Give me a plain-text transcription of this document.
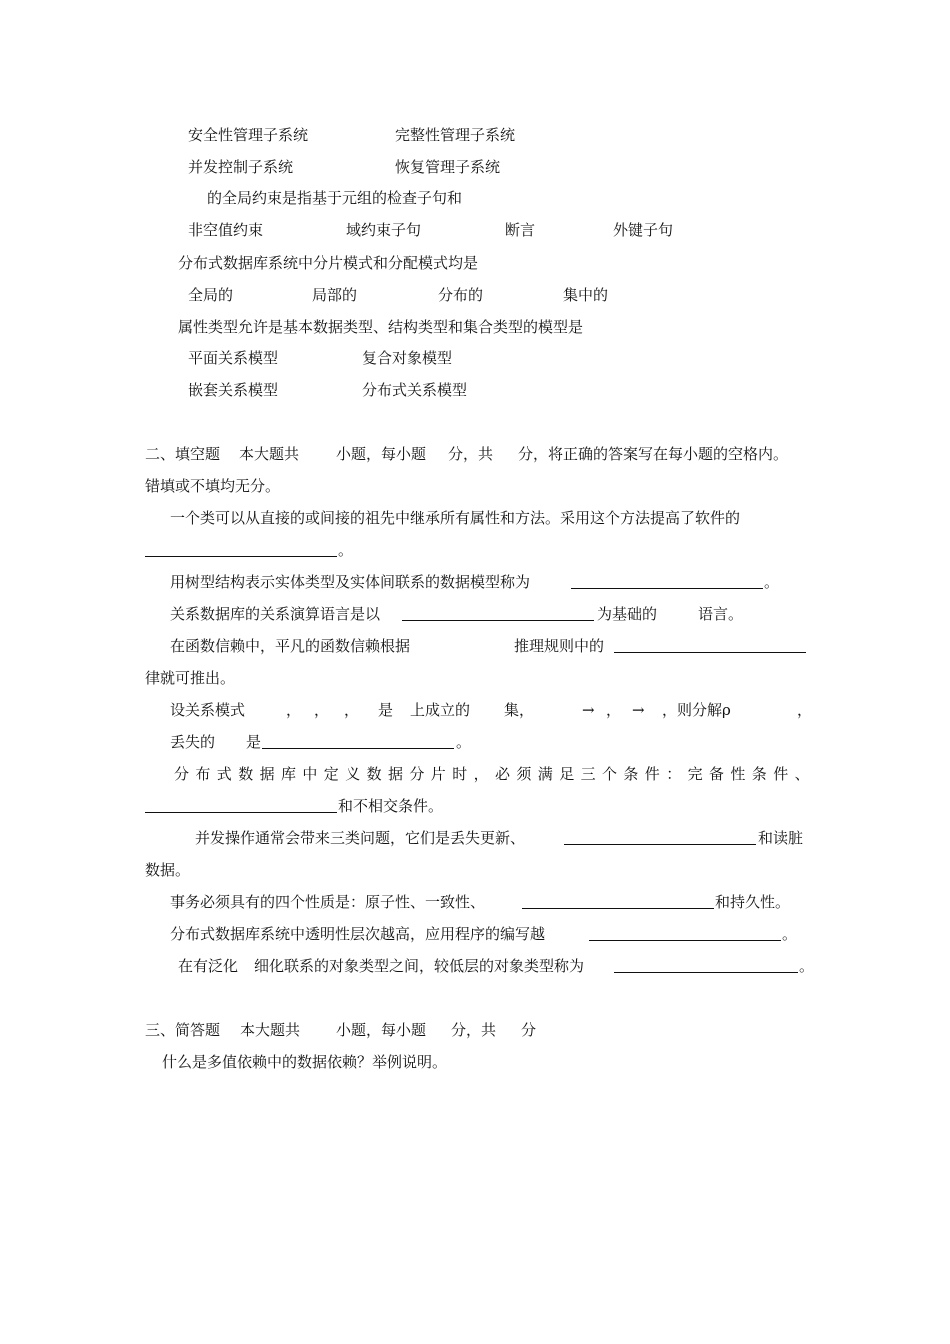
安全性管理子系统	完整性管理子系统
并发控制子系统	恢复管理子系统
的全局约束是指基于元组的检查子句和
非空值约束	域约束子句	断言	外键子句
分布式数据库系统中分片模式和分配模式均是
全局的	局部的	分布的	集中的
属性类型允许是基本数据类型、结构类型和集合类型的模型是
平面关系模型	复合对象模型
嵌套关系模型	分布式关系模型
二、填空题 本大题共 小题，每小题 分，共 分，将正确的答案写在每小题的空格内。
错填或不填均无分。
一个类可以从直接的或间接的祖先中继承所有属性和方法。采用这个方法提高了软件的
。
用树型结构表示实体类型及实体间联系的数据模型称为	。
关系数据库的关系演算语言是以	为基础的	语言。
在函数信赖中，平凡的函数信赖根据	推理规则中的
律就可推出。
设关系模式	， ， ， 是 上成立的 集，	→ ， → ，则分解ρ	，
丢失的 是	。
分布式数据库中定义数据分片时，必须满足三个条件：完备性条件、
和不相交条件。
并发操作通常会带来三类问题，它们是丢失更新、	和读脏
数据。
事务必须具有的四个性质是：原子性、一致性、	和持久性。
分布式数据库系统中透明性层次越高，应用程序的编写越	。
在有泛化 细化联系的对象类型之间，较低层的对象类型称为	。
三、简答题 本大题共 小题，每小题 分，共 分
什么是多值依赖中的数据依赖？举例说明。
